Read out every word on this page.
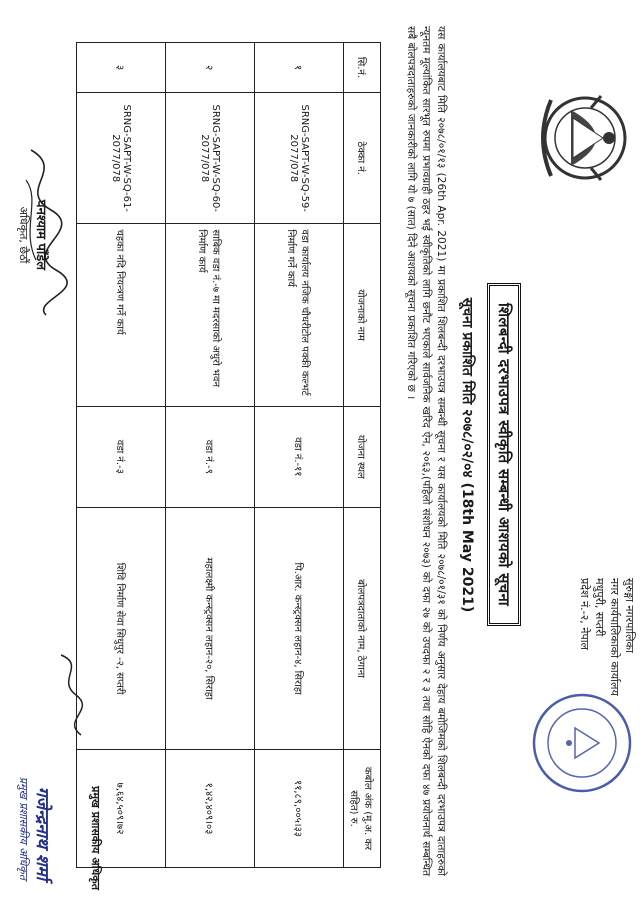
सुरुङ्गा नगरपालिका
नगर कार्यपालिकाको कार्यालय
मधुपुरी, सप्तरी
प्रदेश नं.-२, नेपाल
शिलबन्दी दरभाउपत्र स्वीकृति सम्बन्धी आशयको सूचना
सूचना प्रकाशित मिति २०७८/०२/०४ (18th May 2021)
यस कार्यालयबाट मिति २०७८/०१/१३ (26th Apr. 2021) मा प्रकाशित शिलबन्दी दरभाउपत्र सम्बन्धी सूचना र यस कार्यालयको मिति २०७८/०१/३१ को निर्णय अनुसार देहाय बमोजिमको शिलबन्दी दरभाउपत्र दाताहरुको न्यूनतम मूल्यांकित सारभूत रुपमा प्रभावग्राही ठहर भई स्वीकृतिको लागि छनौट भएकाले सार्वजनिक खरिद ऐन, २०६३,(पहिलो संशोधन २०७३) को दफा २७ को उपदफा २ र ३ तथा सोहि ऐनको दफा ४७ प्रयोजनार्थ सम्बन्धित सबै बोलपत्रदाताहरुको जानकारीको लागि यो ७ (सात) दिने आशयको सूचना प्रकाशित गरिएको छ ।
सि.नं.	ठेक्का नं.	योजनाको नाम	योजना स्थल	बोलपत्रदाताको नाम, ठेगाना	कबोल अंक (मु.अ. कर सहित) रु.
१	SRNG-SAPT-W-SQ-59-2077/078	वडा कार्यालय नजिक चौधरीटोल पक्की कल्भर्ट निर्माण गर्ने कार्य	वडा नं.-११	पि.आर. कन्स्ट्रक्सन लहान-४, सिराहा	११,८९,००५।३३
२	SRNG-SAPT-W-SQ-60-2077/078	साबिक वडा नं.-७ मा मदरसाको अधुरो भवन निर्माण कार्य	वडा नं.-९	महालक्ष्मी कन्स्ट्रक्सन लहान-२०, सिराहा	१,४२,४०९।०३
३	SRNG-SAPT-W-SQ-61-2077/078	चहका नदि नियन्त्रण गर्ने कार्य	वडा नं.-३	शिवि निर्माण सेवा सिधुपुर -२, सप्तरी	७,६४,५०९।७२
घनश्याम पाँडेल
अधिकृत, छैठौं
प्रमुख प्रशासकीय अधिकृत
गजेन्द्रनाथ शर्मा
प्रमुख प्रशासकीय अधिकृत
